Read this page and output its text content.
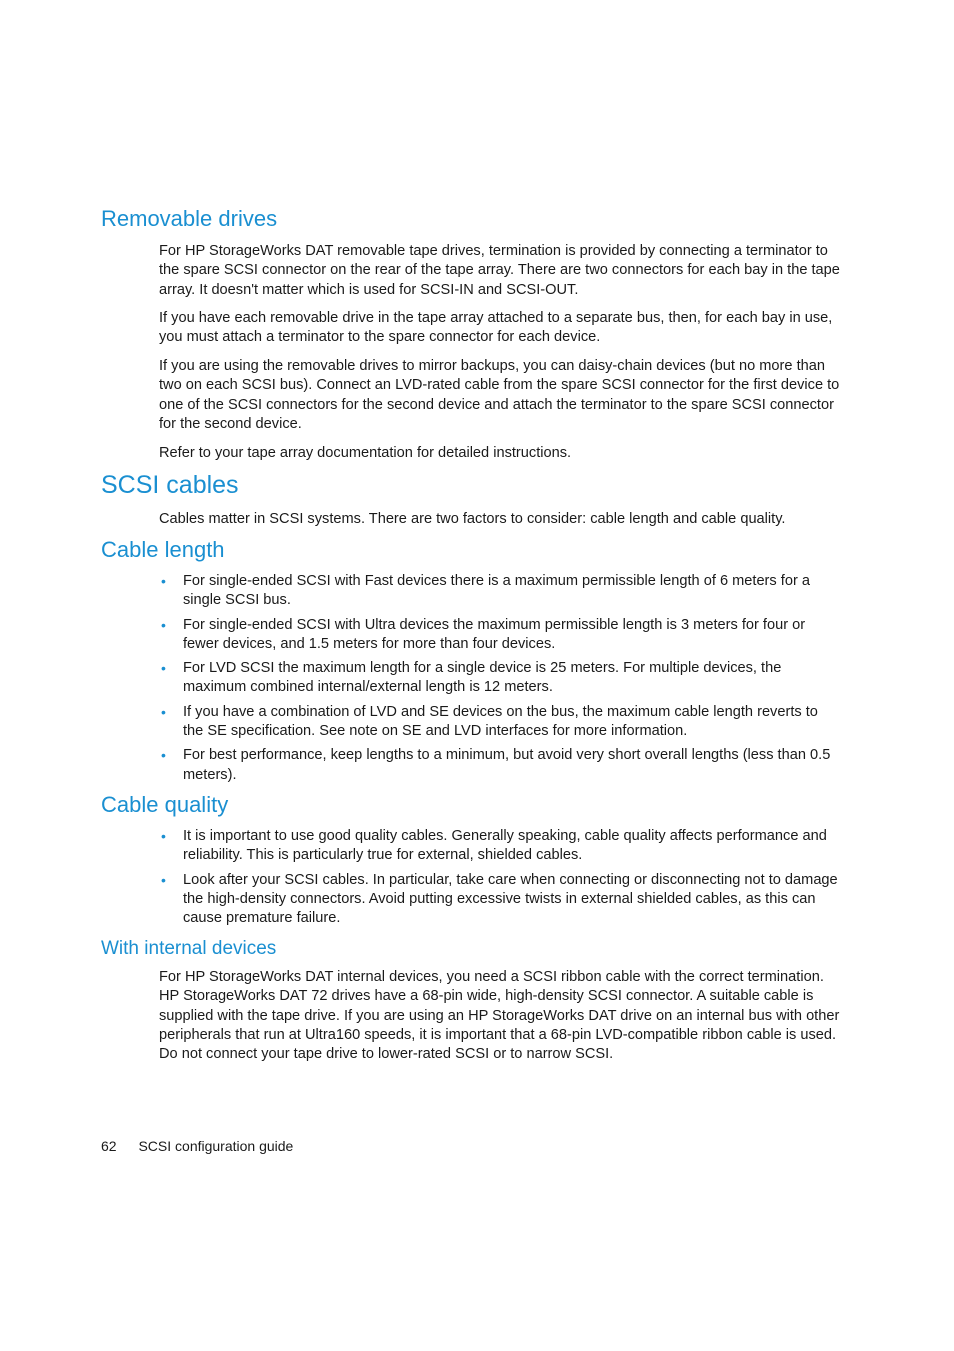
Removable drives

For HP StorageWorks DAT removable tape drives, termination is provided by connecting a terminator to the spare SCSI connector on the rear of the tape array. There are two connectors for each bay in the tape array. It doesn't matter which is used for SCSI-IN and SCSI-OUT.

If you have each removable drive in the tape array attached to a separate bus, then, for each bay in use, you must attach a terminator to the spare connector for each device.

If you are using the removable drives to mirror backups, you can daisy-chain devices (but no more than two on each SCSI bus). Connect an LVD-rated cable from the spare SCSI connector for the first device to one of the SCSI connectors for the second device and attach the terminator to the spare SCSI connector for the second device.

Refer to your tape array documentation for detailed instructions.

SCSI cables

Cables matter in SCSI systems. There are two factors to consider: cable length and cable quality.

Cable length
• For single-ended SCSI with Fast devices there is a maximum permissible length of 6 meters for a single SCSI bus.
• For single-ended SCSI with Ultra devices the maximum permissible length is 3 meters for four or fewer devices, and 1.5 meters for more than four devices.
• For LVD SCSI the maximum length for a single device is 25 meters. For multiple devices, the maximum combined internal/external length is 12 meters.
• If you have a combination of LVD and SE devices on the bus, the maximum cable length reverts to the SE specification. See note on SE and LVD interfaces for more information.
• For best performance, keep lengths to a minimum, but avoid very short overall lengths (less than 0.5 meters).
Cable quality
• It is important to use good quality cables. Generally speaking, cable quality affects performance and reliability. This is particularly true for external, shielded cables.
• Look after your SCSI cables. In particular, take care when connecting or disconnecting not to damage the high-density connectors. Avoid putting excessive twists in external shielded cables, as this can cause premature failure.
With internal devices

For HP StorageWorks DAT internal devices, you need a SCSI ribbon cable with the correct termination. HP StorageWorks DAT 72 drives have a 68-pin wide, high-density SCSI connector. A suitable cable is supplied with the tape drive. If you are using an HP StorageWorks DAT drive on an internal bus with other peripherals that run at Ultra160 speeds, it is important that a 68-pin LVD-compatible ribbon cable is used. Do not connect your tape drive to lower-rated SCSI or to narrow SCSI.

62 SCSI configuration guide
